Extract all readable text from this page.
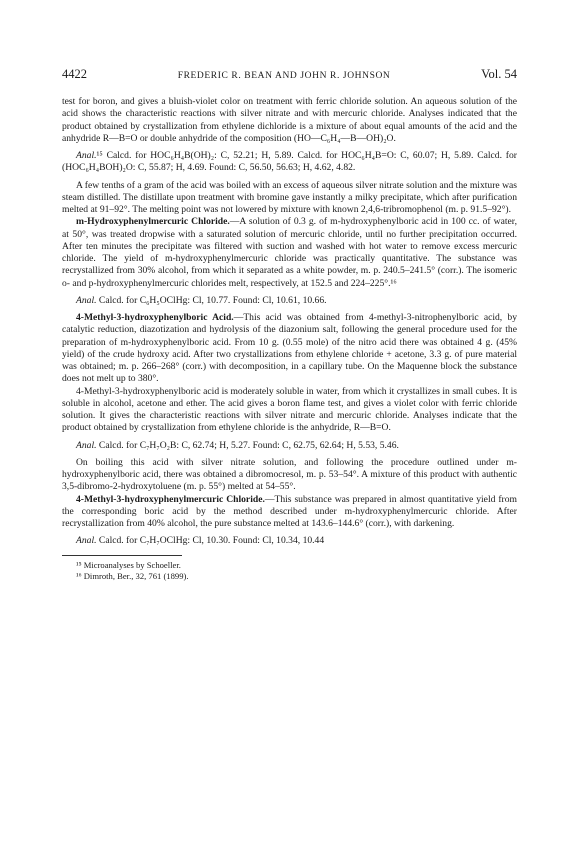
4422	FREDERIC R. BEAN AND JOHN R. JOHNSON	Vol. 54

test for boron, and gives a bluish-violet color on treatment with ferric chloride solution. An aqueous solution of the acid shows the characteristic reactions with silver nitrate and with mercuric chloride. Analyses indicated that the product obtained by crystallization from ethylene dichloride is a mixture of about equal amounts of the acid and the anhydride R—B=O or double anhydride of the composition (HO—C₆H₄—B—OH)₂O.

Anal.¹⁵ Calcd. for HOC₆H₄B(OH)₂: C, 52.21; H, 5.89. Calcd. for HOC₆H₄B=O: C, 60.07; H, 5.89. Calcd. for (HOC₆H₄BOH)₂O: C, 55.87; H, 4.69. Found: C, 56.50, 56.63; H, 4.62, 4.82.

A few tenths of a gram of the acid was boiled with an excess of aqueous silver nitrate solution and the mixture was steam distilled. The distillate upon treatment with bromine gave instantly a milky precipitate, which after purification melted at 91–92°. The melting point was not lowered by mixture with known 2,4,6-tribromophenol (m. p. 91.5–92°).

m-Hydroxyphenylmercuric Chloride.—A solution of 0.3 g. of m-hydroxyphenylboric acid in 100 cc. of water, at 50°, was treated dropwise with a saturated solution of mercuric chloride, until no further precipitation occurred. After ten minutes the precipitate was filtered with suction and washed with hot water to remove excess mercuric chloride. The yield of m-hydroxyphenylmercuric chloride was practically quantitative. The substance was recrystallized from 30% alcohol, from which it separated as a white powder, m. p. 240.5–241.5° (corr.). The isomeric o- and p-hydroxyphenylmercuric chlorides melt, respectively, at 152.5 and 224–225°.¹⁶

Anal. Calcd. for C₆H₅OClHg: Cl, 10.77. Found: Cl, 10.61, 10.66.

4-Methyl-3-hydroxyphenylboric Acid.—This acid was obtained from 4-methyl-3-nitrophenylboric acid, by catalytic reduction, diazotization and hydrolysis of the diazonium salt, following the general procedure used for the preparation of m-hydroxyphenylboric acid. From 10 g. (0.55 mole) of the nitro acid there was obtained 4 g. (45% yield) of the crude hydroxy acid. After two crystallizations from ethylene chloride + acetone, 3.3 g. of pure material was obtained; m. p. 266–268° (corr.) with decomposition, in a capillary tube. On the Maquenne block the substance does not melt up to 380°.

4-Methyl-3-hydroxyphenylboric acid is moderately soluble in water, from which it crystallizes in small cubes. It is soluble in alcohol, acetone and ether. The acid gives a boron flame test, and gives a violet color with ferric chloride solution. It gives the characteristic reactions with silver nitrate and mercuric chloride. Analyses indicate that the product obtained by crystallization from ethylene chloride is the anhydride, R—B=O.

Anal. Calcd. for C₇H₇O₂B: C, 62.74; H, 5.27. Found: C, 62.75, 62.64; H, 5.53, 5.46.

On boiling this acid with silver nitrate solution, and following the procedure outlined under m-hydroxyphenylboric acid, there was obtained a dibromocresol, m. p. 53–54°. A mixture of this product with authentic 3,5-dibromo-2-hydroxytoluene (m. p. 55°) melted at 54–55°.

4-Methyl-3-hydroxyphenylmercuric Chloride.—This substance was prepared in almost quantitative yield from the corresponding boric acid by the method described under m-hydroxyphenylmercuric chloride. After recrystallization from 40% alcohol, the pure substance melted at 143.6–144.6° (corr.), with darkening.

Anal. Calcd. for C₇H₇OClHg: Cl, 10.30. Found: Cl, 10.34, 10.44

¹⁵ Microanalyses by Schoeller.

¹⁶ Dimroth, Ber., 32, 761 (1899).
